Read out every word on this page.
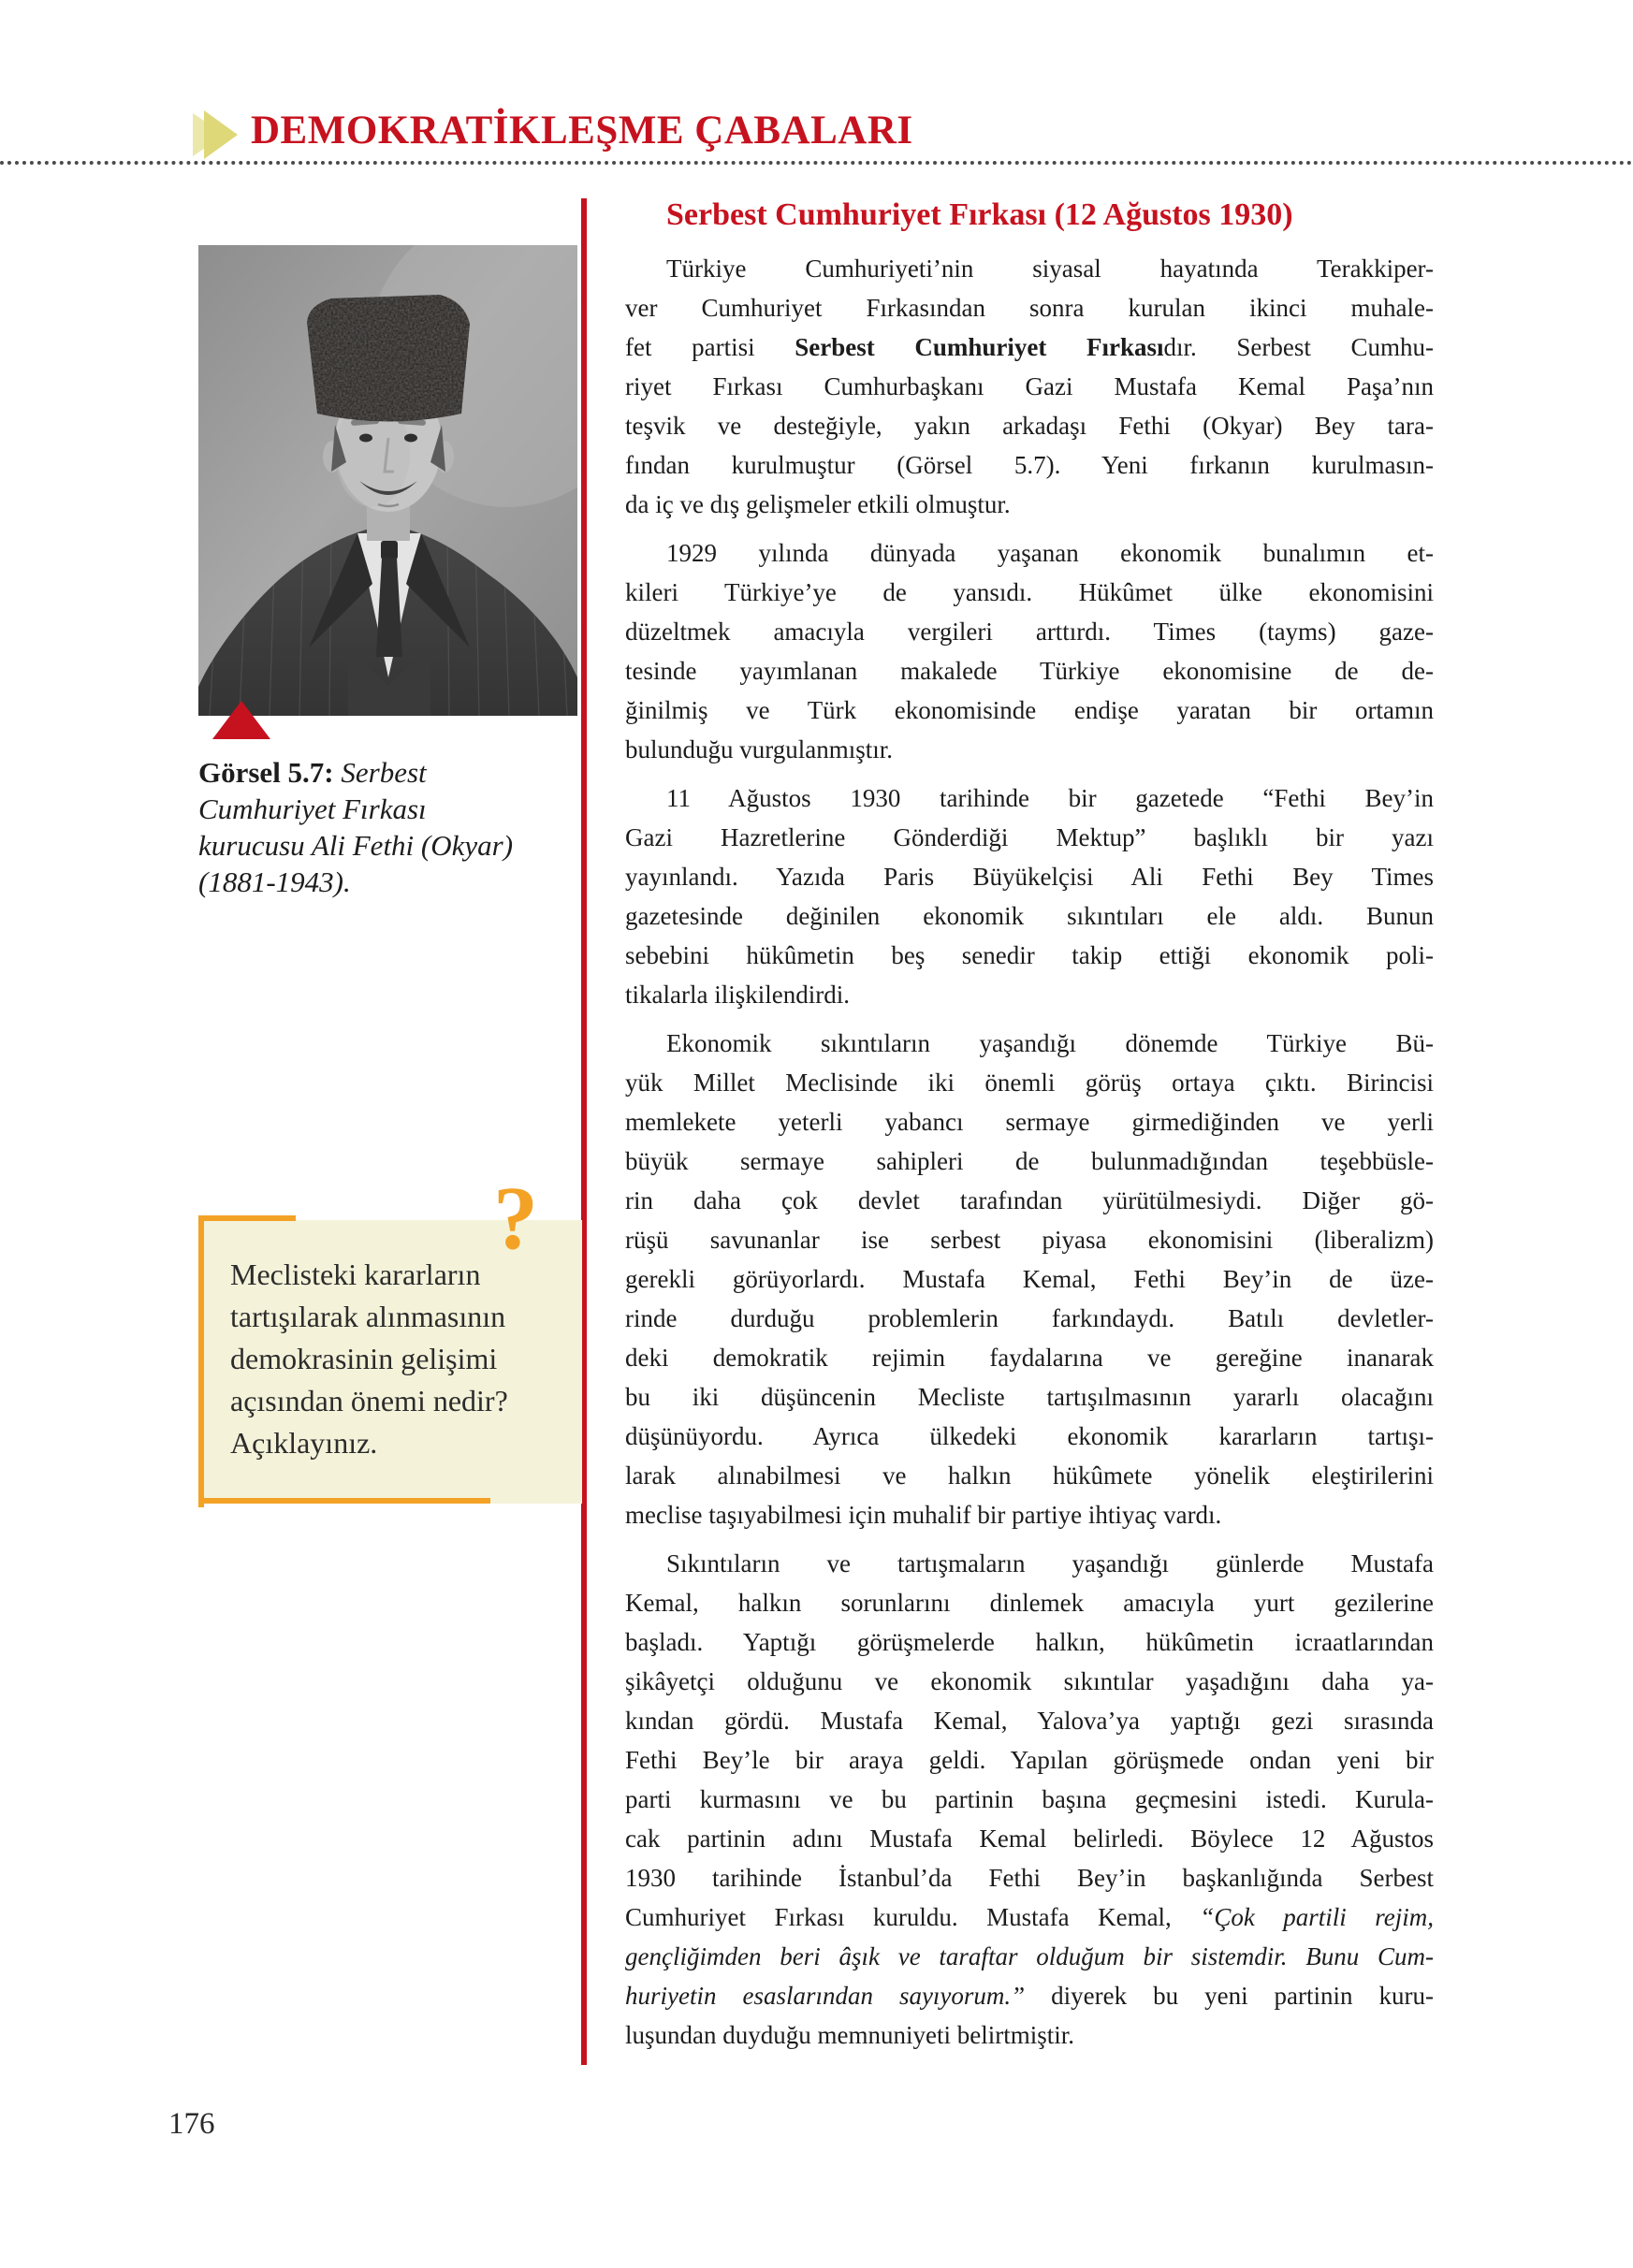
DEMOKRATİKLEŞME ÇABALARI
Görsel 5.7: Serbest
Cumhuriyet Fırkası
kurucusu Ali Fethi (Okyar)
(1881-1943).
?
Meclisteki kararların
tartışılarak alınmasının
demokrasinin gelişimi
açısından önemi nedir?
Açıklayınız.
Serbest Cumhuriyet Fırkası (12 Ağustos 1930)
Türkiye Cumhuriyeti’nin siyasal hayatında Terakkiper-
ver Cumhuriyet Fırkasından sonra kurulan ikinci muhale-
fet partisi Serbest Cumhuriyet Fırkasıdır. Serbest Cumhu-
riyet Fırkası Cumhurbaşkanı Gazi Mustafa Kemal Paşa’nın
teşvik ve desteğiyle, yakın arkadaşı Fethi (Okyar) Bey tara-
fından kurulmuştur (Görsel 5.7). Yeni fırkanın kurulmasın-
da iç ve dış gelişmeler etkili olmuştur.
1929 yılında dünyada yaşanan ekonomik bunalımın et-
kileri Türkiye’ye de yansıdı. Hükûmet ülke ekonomisini
düzeltmek amacıyla vergileri arttırdı. Times (tayms) gaze-
tesinde yayımlanan makalede Türkiye ekonomisine de de-
ğinilmiş ve Türk ekonomisinde endişe yaratan bir ortamın
bulunduğu vurgulanmıştır.
11 Ağustos 1930 tarihinde bir gazetede “Fethi Bey’in
Gazi Hazretlerine Gönderdiği Mektup” başlıklı bir yazı
yayınlandı. Yazıda Paris Büyükelçisi Ali Fethi Bey Times
gazetesinde değinilen ekonomik sıkıntıları ele aldı. Bunun
sebebini hükûmetin beş senedir takip ettiği ekonomik poli-
tikalarla ilişkilendirdi.
Ekonomik sıkıntıların yaşandığı dönemde Türkiye Bü-
yük Millet Meclisinde iki önemli görüş ortaya çıktı. Birincisi
memlekete yeterli yabancı sermaye girmediğinden ve yerli
büyük sermaye sahipleri de bulunmadığından teşebbüsle-
rin daha çok devlet tarafından yürütülmesiydi. Diğer gö-
rüşü savunanlar ise serbest piyasa ekonomisini (liberalizm)
gerekli görüyorlardı. Mustafa Kemal, Fethi Bey’in de üze-
rinde durduğu problemlerin farkındaydı. Batılı devletler-
deki demokratik rejimin faydalarına ve gereğine inanarak
bu iki düşüncenin Mecliste tartışılmasının yararlı olacağını
düşünüyordu. Ayrıca ülkedeki ekonomik kararların tartışı-
larak alınabilmesi ve halkın hükûmete yönelik eleştirilerini
meclise taşıyabilmesi için muhalif bir partiye ihtiyaç vardı.
Sıkıntıların ve tartışmaların yaşandığı günlerde Mustafa
Kemal, halkın sorunlarını dinlemek amacıyla yurt gezilerine
başladı. Yaptığı görüşmelerde halkın, hükûmetin icraatlarından
şikâyetçi olduğunu ve ekonomik sıkıntılar yaşadığını daha ya-
kından gördü. Mustafa Kemal, Yalova’ya yaptığı gezi sırasında
Fethi Bey’le bir araya geldi. Yapılan görüşmede ondan yeni bir
parti kurmasını ve bu partinin başına geçmesini istedi. Kurula-
cak partinin adını Mustafa Kemal belirledi. Böylece 12 Ağustos
1930 tarihinde İstanbul’da Fethi Bey’in başkanlığında Serbest
Cumhuriyet Fırkası kuruldu. Mustafa Kemal, “Çok partili rejim,
gençliğimden beri âşık ve taraftar olduğum bir sistemdir. Bunu Cum-
huriyetin esaslarından sayıyorum.” diyerek bu yeni partinin kuru-
luşundan duyduğu memnuniyeti belirtmiştir.
176
